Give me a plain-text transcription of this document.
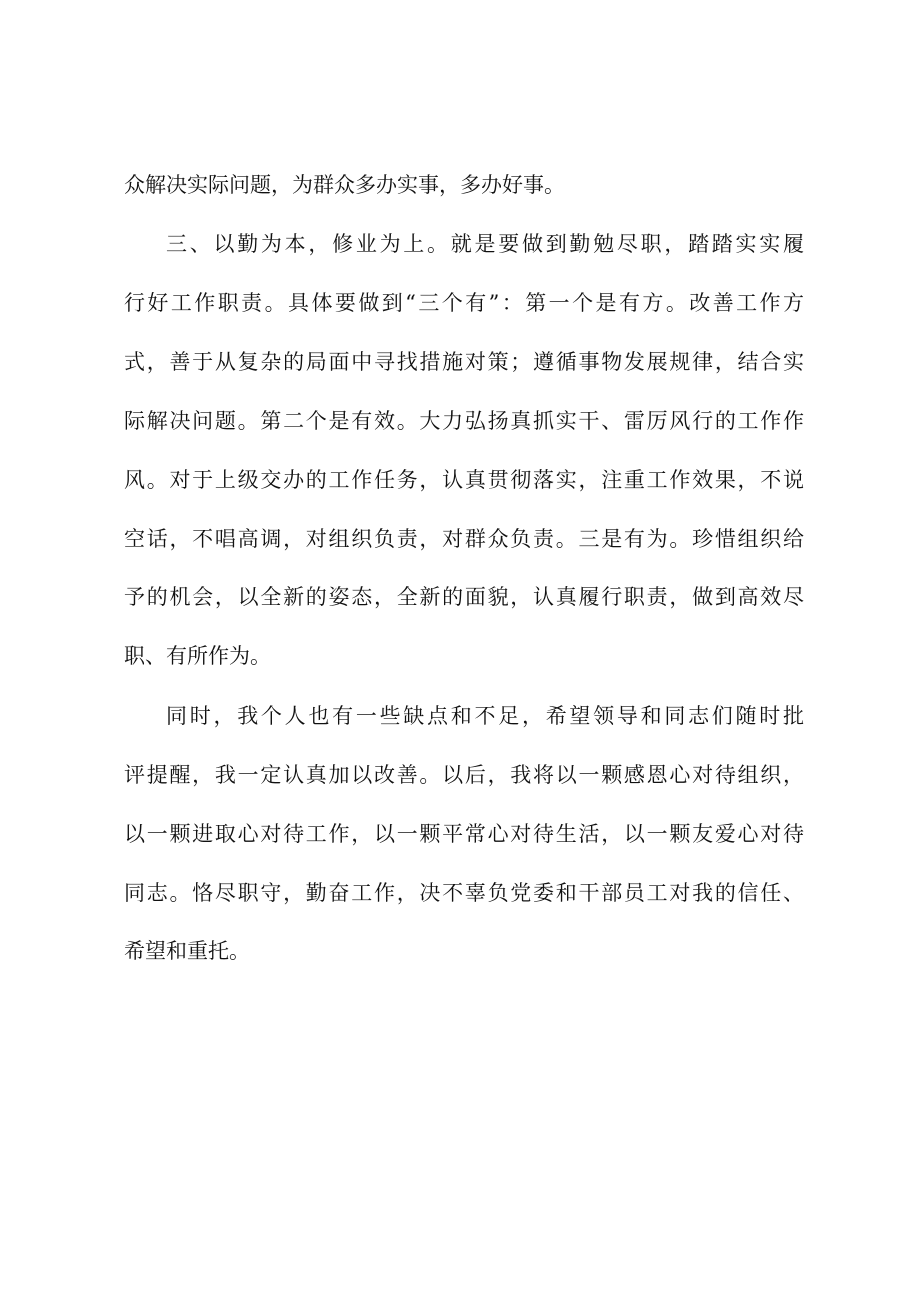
众解决实际问题，为群众多办实事，多办好事。
三、以勤为本，修业为上。就是要做到勤勉尽职，踏踏实实履
行好工作职责。具体要做到“三个有”：第一个是有方。改善工作方
式，善于从复杂的局面中寻找措施对策；遵循事物发展规律，结合实
际解决问题。第二个是有效。大力弘扬真抓实干、雷厉风行的工作作
风。对于上级交办的工作任务，认真贯彻落实，注重工作效果，不说
空话，不唱高调，对组织负责，对群众负责。三是有为。珍惜组织给
予的机会，以全新的姿态，全新的面貌，认真履行职责，做到高效尽
职、有所作为。
同时，我个人也有一些缺点和不足，希望领导和同志们随时批
评提醒，我一定认真加以改善。以后，我将以一颗感恩心对待组织，
以一颗进取心对待工作，以一颗平常心对待生活，以一颗友爱心对待
同志。恪尽职守，勤奋工作，决不辜负党委和干部员工对我的信任、
希望和重托。
